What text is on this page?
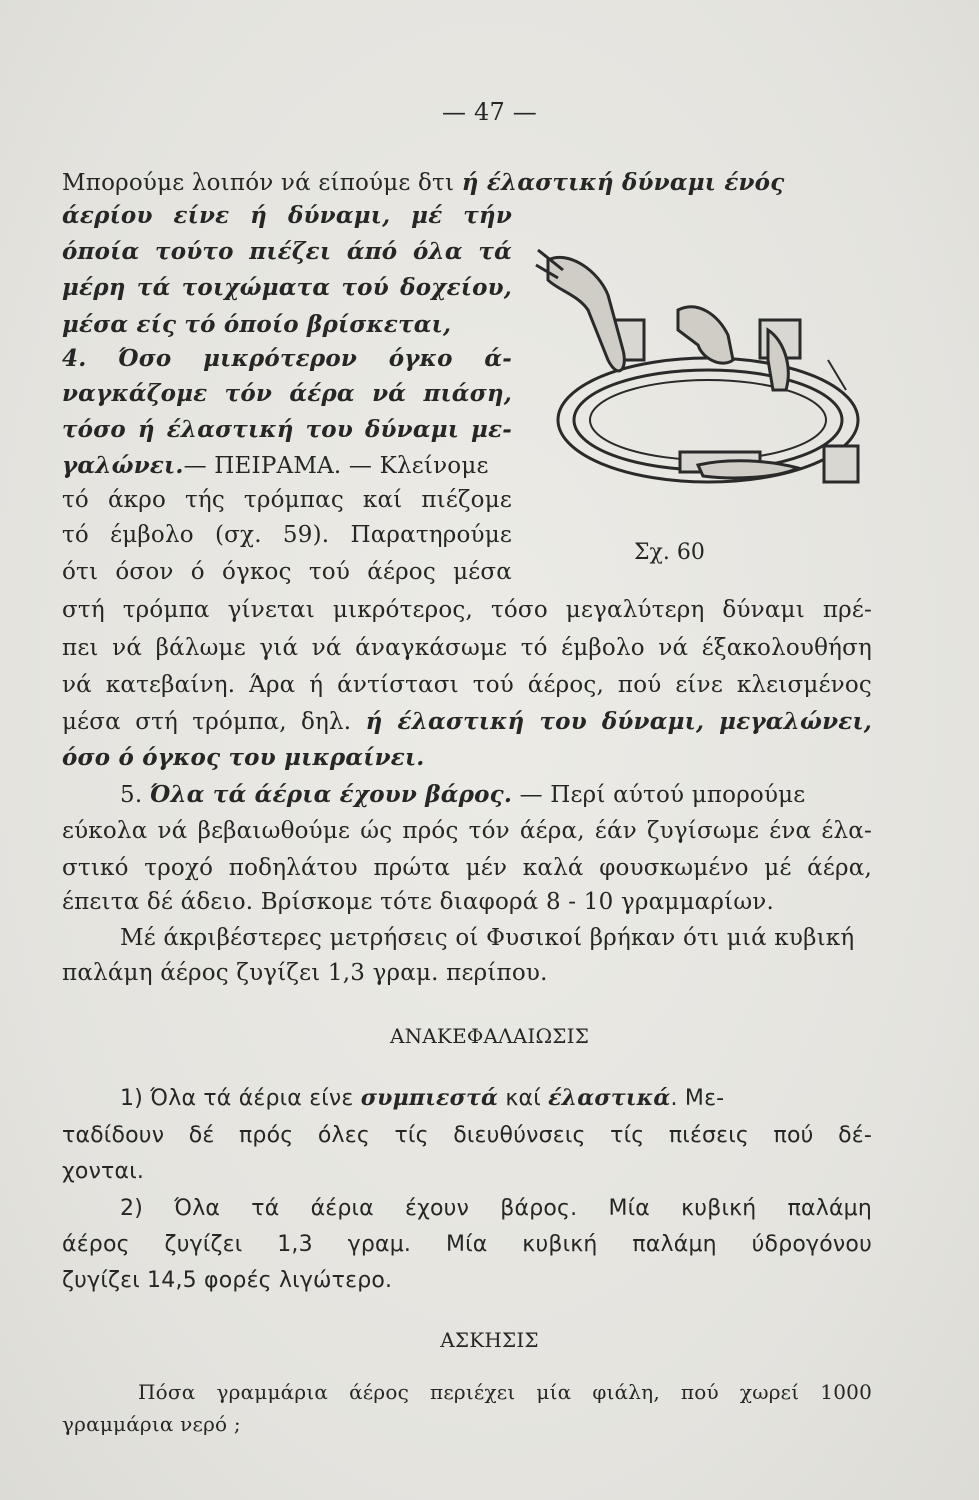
— 47 —
Μπορούμε λοιπόν νά είπούμε δτι ή έλαστική δύναμι ένός
άερίου είνε ή δύναμι, μέ τήν
όποία τούτο πιέζει άπό όλα τά
μέρη τά τοιχώματα τού δοχείου,
μέσα είς τό όποίο βρίσκεται,
4. Όσο μικρότερον όγκο ά-
ναγκάζομε τόν άέρα νά πιάση,
τόσο ή έλαστική του δύναμι με-
γαλώνει.— ΠΕΙΡΑΜΑ. — Κλείνομε
τό άκρο τής τρόμπας καί πιέζομε
τό έμβολο (σχ. 59). Παρατηρούμε
ότι όσον ό όγκος τού άέρος μέσα
Σχ. 60
στή τρόμπα γίνεται μικρότερος, τόσο μεγαλύτερη δύναμι πρέ-
πει νά βάλωμε γιά νά άναγκάσωμε τό έμβολο νά έξακολουθήση
νά κατεβαίνη. Άρα ή άντίστασι τού άέρος, πού είνε κλεισμένος
μέσα στή τρόμπα, δηλ. ή έλαστική του δύναμι, μεγαλώνει,
όσο ό όγκος του μικραίνει.
5. Όλα τά άέρια έχουν βάρος. — Περί αύτού μπορούμε
εύκολα νά βεβαιωθούμε ώς πρός τόν άέρα, έάν ζυγίσωμε ένα έλα-
στικό τροχό ποδηλάτου πρώτα μέν καλά φουσκωμένο μέ άέρα,
έπειτα δέ άδειο. Βρίσκομε τότε διαφορά 8 - 10 γραμμαρίων.
Μέ άκριβέστερες μετρήσεις οί Φυσικοί βρήκαν ότι μιά κυβική
παλάμη άέρος ζυγίζει 1,3 γραμ. περίπου.
ΑΝΑΚΕΦΑΛΑΙΩΣΙΣ
1) Όλα τά άέρια είνε συμπιεστά καί έλαστικά. Με-
ταδίδουν δέ πρός όλες τίς διευθύνσεις τίς πιέσεις πού δέ-
χονται.
2) Όλα τά άέρια έχουν βάρος. Μία κυβική παλάμη
άέρος ζυγίζει 1,3 γραμ. Μία κυβική παλάμη ύδρογόνου
ζυγίζει 14,5 φορές λιγώτερο.
ΑΣΚΗΣΙΣ
Πόσα γραμμάρια άέρος περιέχει μία φιάλη, πού χωρεί 1000
γραμμάρια νερό ;
